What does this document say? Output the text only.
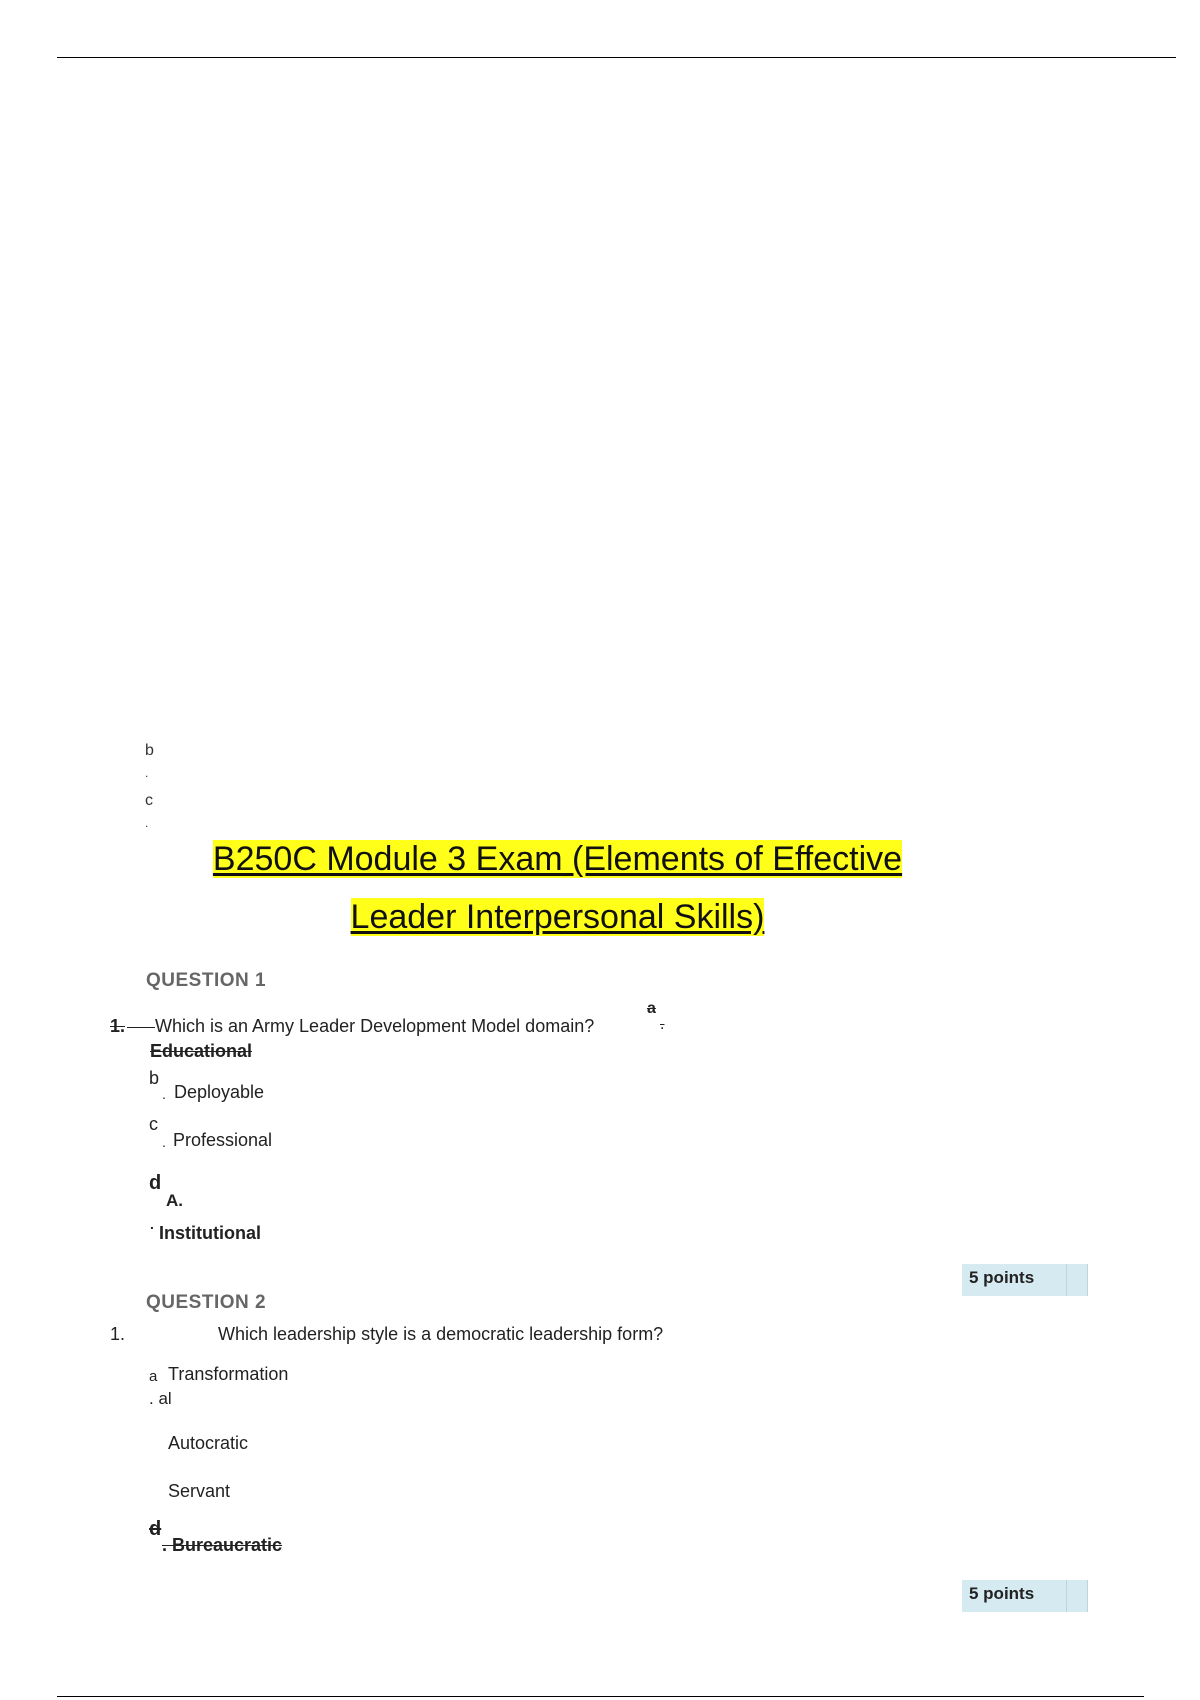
b
.
c
.
B250C Module 3 Exam (Elements of Effective
Leader Interpersonal Skills)
QUESTION 1
1. Which is an Army Leader Development Model domain?
a
.
Educational
b
. Deployable
c
. Professional
d
A.
. Institutional
5 points
QUESTION 2
1.	Which leadership style is a democratic leadership form?
a Transformation
. al
Autocratic
Servant
d
. Bureaucratic
5 points
